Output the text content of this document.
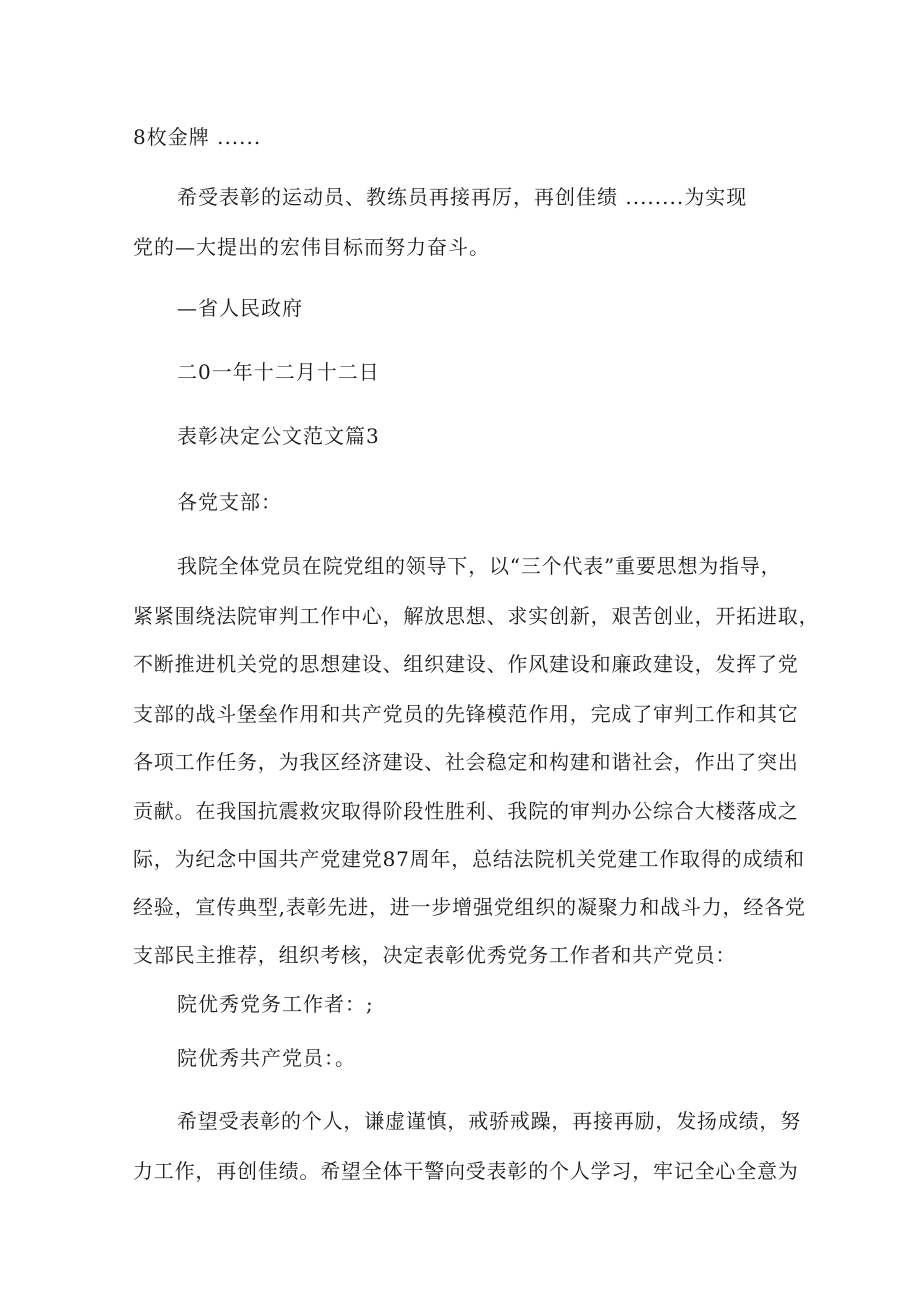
8枚金牌 ......
希受表彰的运动员、教练员再接再厉，再创佳绩 ........为实现
党的—大提出的宏伟目标而努力奋斗。
—省人民政府
二0一年十二月十二日
表彰决定公文范文篇3
各党支部：
我院全体党员在院党组的领导下，以“三个代表”重要思想为指导，
紧紧围绕法院审判工作中心，解放思想、求实创新，艰苦创业，开拓进取，
不断推进机关党的思想建设、组织建设、作风建设和廉政建设，发挥了党
支部的战斗堡垒作用和共产党员的先锋模范作用，完成了审判工作和其它
各项工作任务，为我区经济建设、社会稳定和构建和谐社会，作出了突出
贡献。在我国抗震救灾取得阶段性胜利、我院的审判办公综合大楼落成之
际，为纪念中国共产党建党87周年，总结法院机关党建工作取得的成绩和
经验，宣传典型,表彰先进，进一步增强党组织的凝聚力和战斗力，经各党
支部民主推荐，组织考核，决定表彰优秀党务工作者和共产党员：
院优秀党务工作者：;
院优秀共产党员：。
希望受表彰的个人，谦虚谨慎，戒骄戒躁，再接再励，发扬成绩，努
力工作，再创佳绩。希望全体干警向受表彰的个人学习，牢记全心全意为
